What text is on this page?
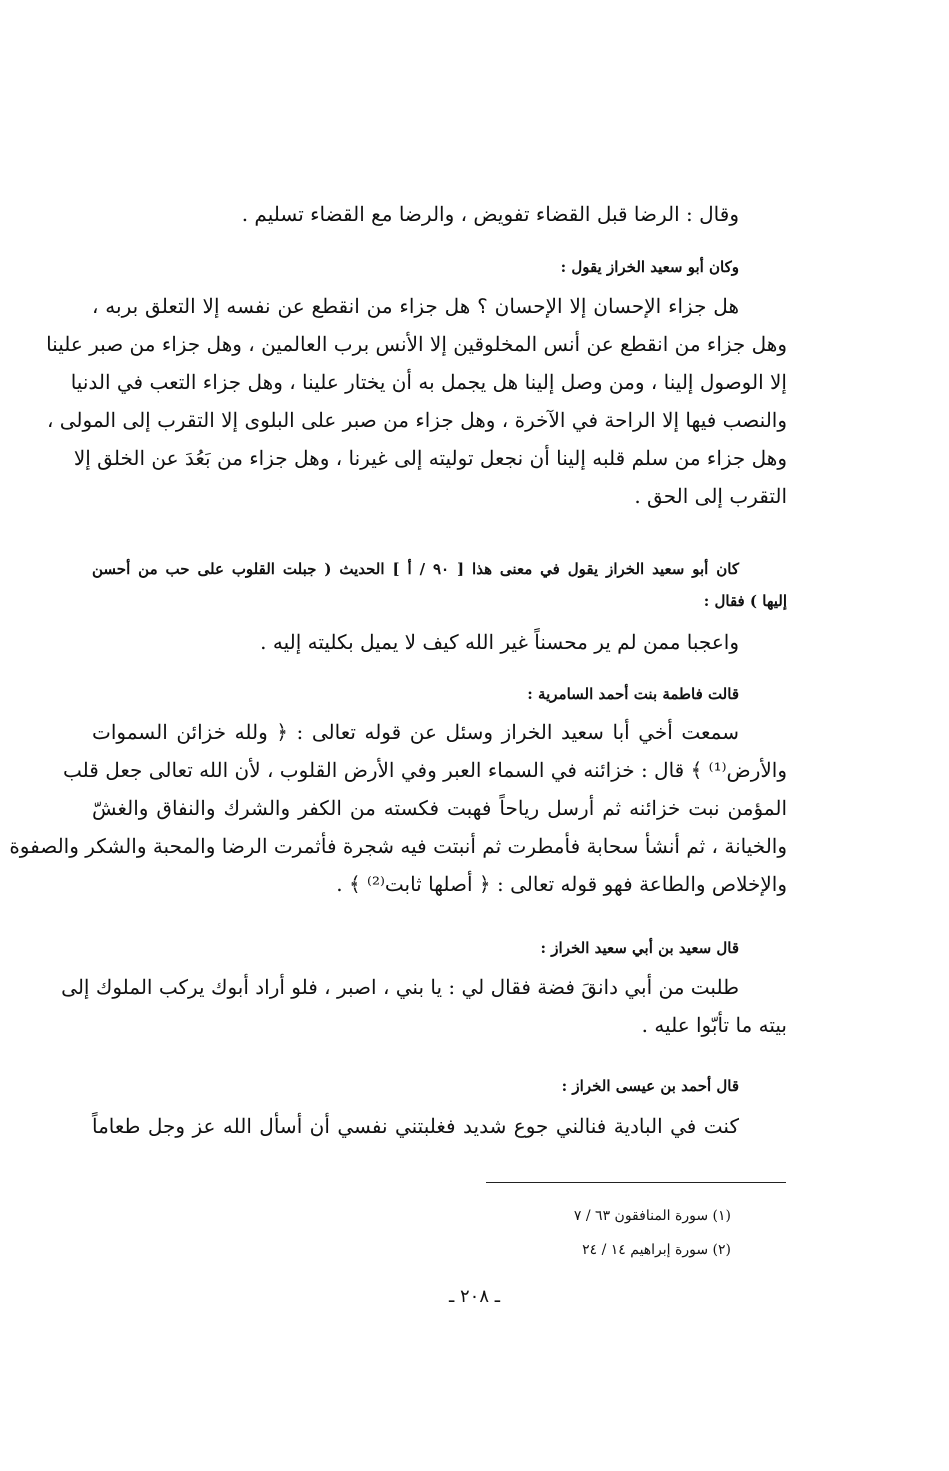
وقال : الرضا قبل القضاء تفويض ، والرضا مع القضاء تسليم .
وكان أبو سعيد الخراز يقول :
هل جزاء الإحسان إلا الإحسان ؟ هل جزاء من انقطع عن نفسه إلا التعلق بربه ،
وهل جزاء من انقطع عن أنس المخلوقين إلا الأنس برب العالمين ، وهل جزاء من صبر علينا
إلا الوصول إلينا ، ومن وصل إلينا هل يجمل به أن يختار علينا ، وهل جزاء التعب في الدنيا
والنصب فيها إلا الراحة في الآخرة ، وهل جزاء من صبر على البلوى إلا التقرب إلى المولى ،
وهل جزاء من سلم قلبه إلينا أن نجعل توليته إلى غيرنا ، وهل جزاء من بَعُدَ عن الخلق إلا
التقرب إلى الحق .
كان أبو سعيد الخراز يقول في معنى هذا [ ٩٠ / أ ] الحديث ( جبلت القلوب على حب من أحسن
إليها ) فقال :
واعجبا ممن لم ير محسناً غير الله كيف لا يميل بكليته إليه .
قالت فاطمة بنت أحمد السامرية :
سمعت أخي أبا سعيد الخراز وسئل عن قوله تعالى : ﴿ ولله خزائن السموات
والأرض⁽¹⁾ ﴾ قال : خزائنه في السماء العبر وفي الأرض القلوب ، لأن الله تعالى جعل قلب
المؤمن نبت خزائنه ثم أرسل رياحاً فهبت فكسته من الكفر والشرك والنفاق والغشّ
والخيانة ، ثم أنشأ سحابة فأمطرت ثم أنبتت فيه شجرة فأثمرت الرضا والمحبة والشكر والصفوة
والإخلاص والطاعة فهو قوله تعالى : ﴿ أصلها ثابت⁽²⁾ ﴾ .
قال سعيد بن أبي سعيد الخراز :
طلبت من أبي دانقَ فضة فقال لي : يا بني ، اصبر ، فلو أراد أبوك يركب الملوك إلى
بيته ما تأبّوا عليه .
قال أحمد بن عيسى الخراز :
كنت في البادية فنالني جوع شديد فغلبتني نفسي أن أسأل الله عز وجل طعاماً
(١) سورة المنافقون ٦٣ / ٧
(٢) سورة إبراهيم ١٤ / ٢٤
ـ ٢٠٨ ـ
